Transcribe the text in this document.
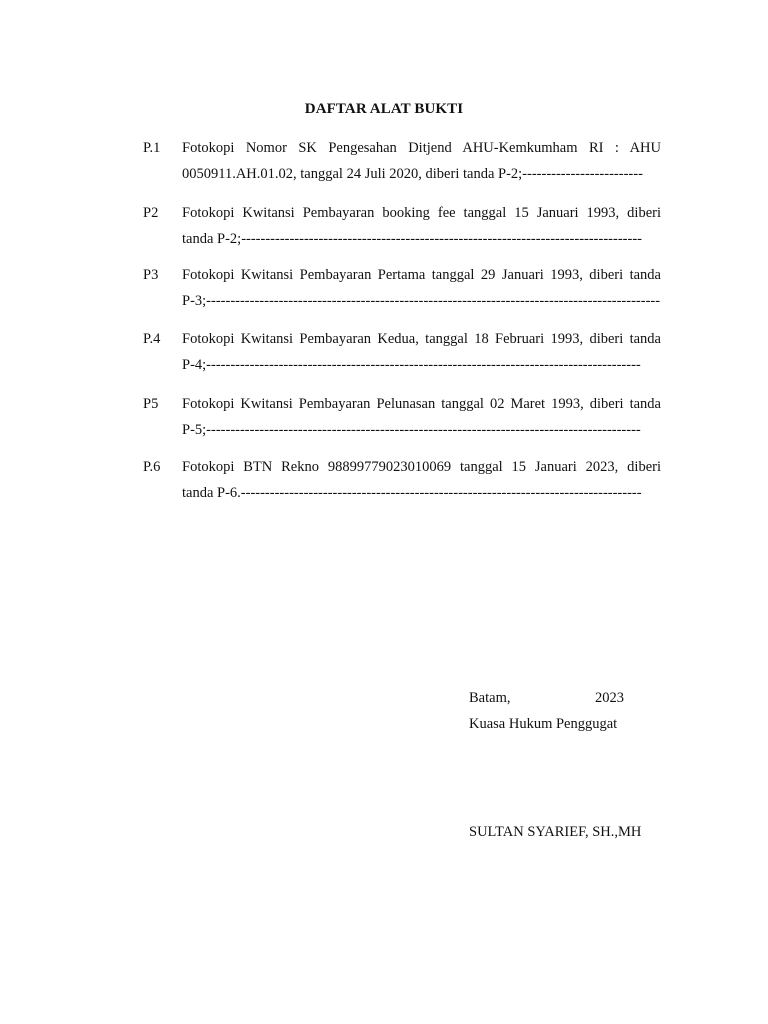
DAFTAR ALAT BUKTI
P.1 Fotokopi Nomor SK Pengesahan Ditjend AHU-Kemkumham RI : AHU
0050911.AH.01.02, tanggal 24 Juli 2020, diberi tanda P-2;-------------------------
P2 Fotokopi Kwitansi Pembayaran booking fee tanggal 15 Januari 1993, diberi
tanda P-2;-----------------------------------------------------------------------------------
P3 Fotokopi Kwitansi Pembayaran Pertama tanggal 29 Januari 1993, diberi tanda
P-3;----------------------------------------------------------------------------------------------
P.4 Fotokopi Kwitansi Pembayaran Kedua, tanggal 18 Februari 1993, diberi tanda
P-4;------------------------------------------------------------------------------------------
P5 Fotokopi Kwitansi Pembayaran Pelunasan tanggal 02 Maret 1993, diberi tanda
P-5;------------------------------------------------------------------------------------------
P.6 Fotokopi BTN Rekno 98899779023010069 tanggal 15 Januari 2023, diberi
tanda P-6.-----------------------------------------------------------------------------------
Batam,	2023
Kuasa Hukum Penggugat
SULTAN SYARIEF, SH.,MH
